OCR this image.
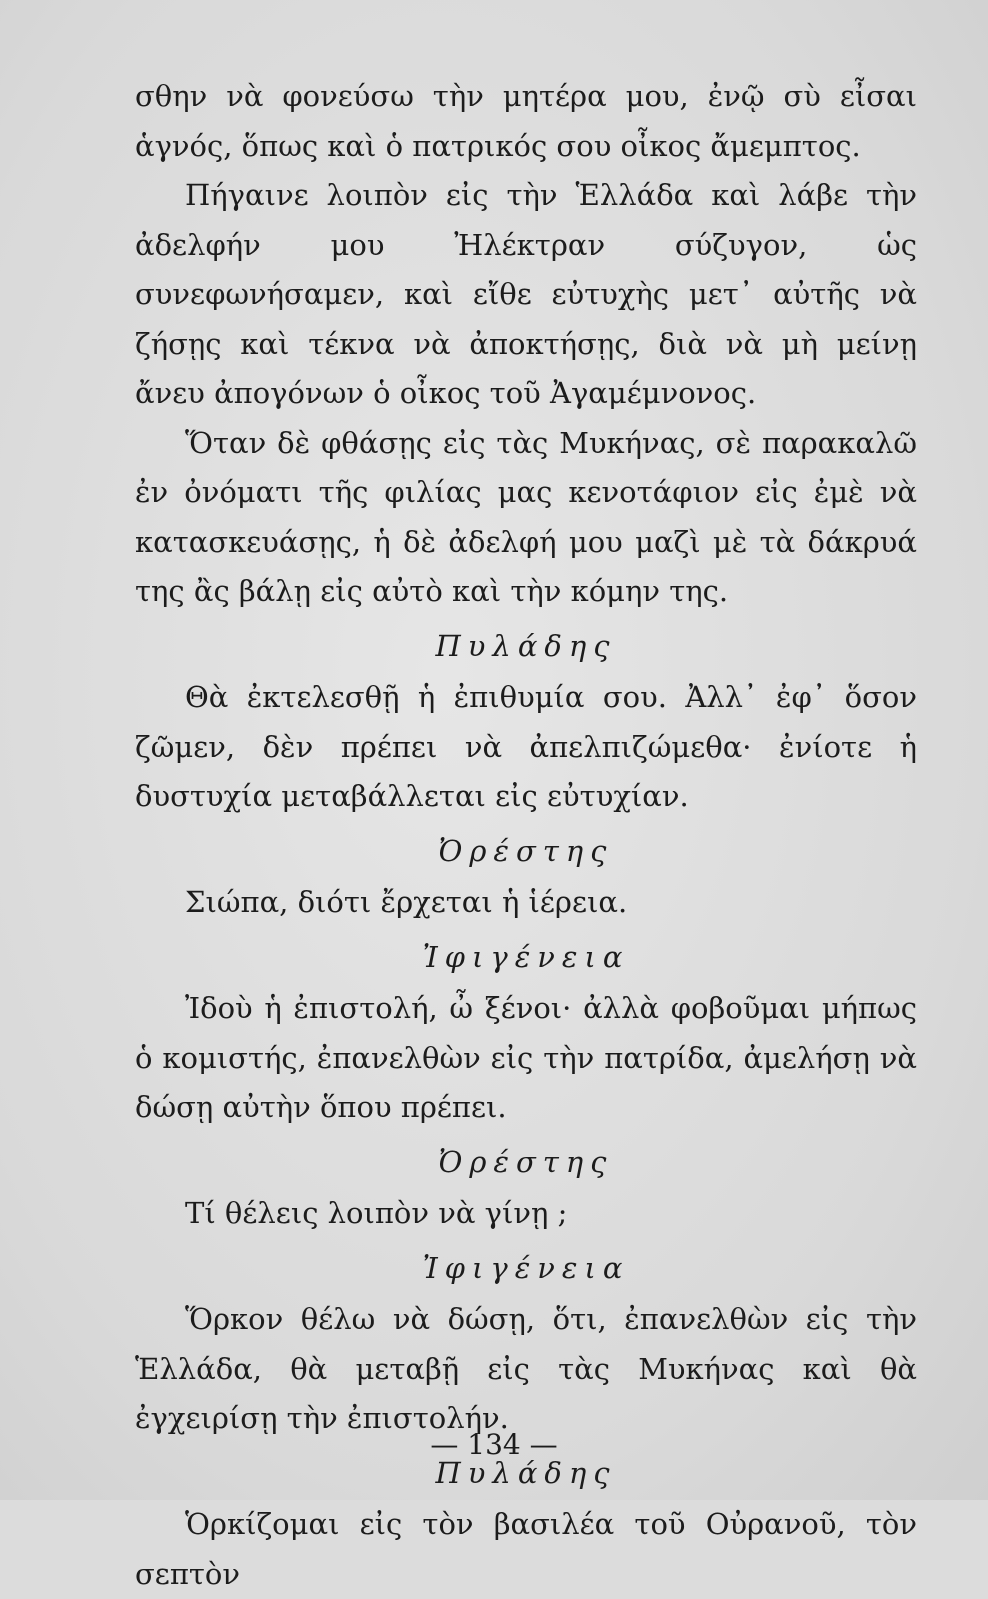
σθην νὰ φονεύσω τὴν μητέρα μου, ἐνῷ σὺ εἶσαι ἁγνός, ὅπως καὶ ὁ πατρικός σου οἶκος ἄμεμπτος.

Πήγαινε λοιπὸν εἰς τὴν Ἑλλάδα καὶ λάβε τὴν ἀδελφήν μου Ἠλέκτραν σύζυγον, ὡς συνεφωνήσαμεν, καὶ εἴθε εὐτυχὴς μετ᾽ αὐτῆς νὰ ζήσῃς καὶ τέκνα νὰ ἀποκτήσῃς, διὰ νὰ μὴ μείνῃ ἄνευ ἀπογόνων ὁ οἶκος τοῦ Ἀγαμέμνονος.

Ὅταν δὲ φθάσῃς εἰς τὰς Μυκήνας, σὲ παρακαλῶ ἐν ὀνόματι τῆς φιλίας μας κενοτάφιον εἰς ἐμὲ νὰ κατασκευάσῃς, ἡ δὲ ἀδελφή μου μαζὶ μὲ τὰ δάκρυά της ἂς βάλῃ εἰς αὐτὸ καὶ τὴν κόμην της.

Πυλάδης

Θὰ ἐκτελεσθῇ ἡ ἐπιθυμία σου. Ἀλλ᾽ ἐφ᾽ ὅσον ζῶμεν, δὲν πρέπει νὰ ἀπελπιζώμεθα· ἐνίοτε ἡ δυστυχία μεταβάλλεται εἰς εὐτυχίαν.

Ὀρέστης

Σιώπα, διότι ἔρχεται ἡ ἱέρεια.

Ἰφιγένεια

Ἰδοὺ ἡ ἐπιστολή, ὦ ξένοι· ἀλλὰ φοβοῦμαι μήπως ὁ κομιστής, ἐπανελθὼν εἰς τὴν πατρίδα, ἀμελήσῃ νὰ δώσῃ αὐτὴν ὅπου πρέπει.

Ὀρέστης

Τί θέλεις λοιπὸν νὰ γίνῃ ;

Ἰφιγένεια

Ὅρκον θέλω νὰ δώσῃ, ὅτι, ἐπανελθὼν εἰς τὴν Ἑλλάδα, θὰ μεταβῇ εἰς τὰς Μυκήνας καὶ θὰ ἐγχειρίσῃ τὴν ἐπιστολήν.

Πυλάδης

Ὁρκίζομαι εἰς τὸν βασιλέα τοῦ Οὐρανοῦ, τὸν σεπτὸν

— 134 —
